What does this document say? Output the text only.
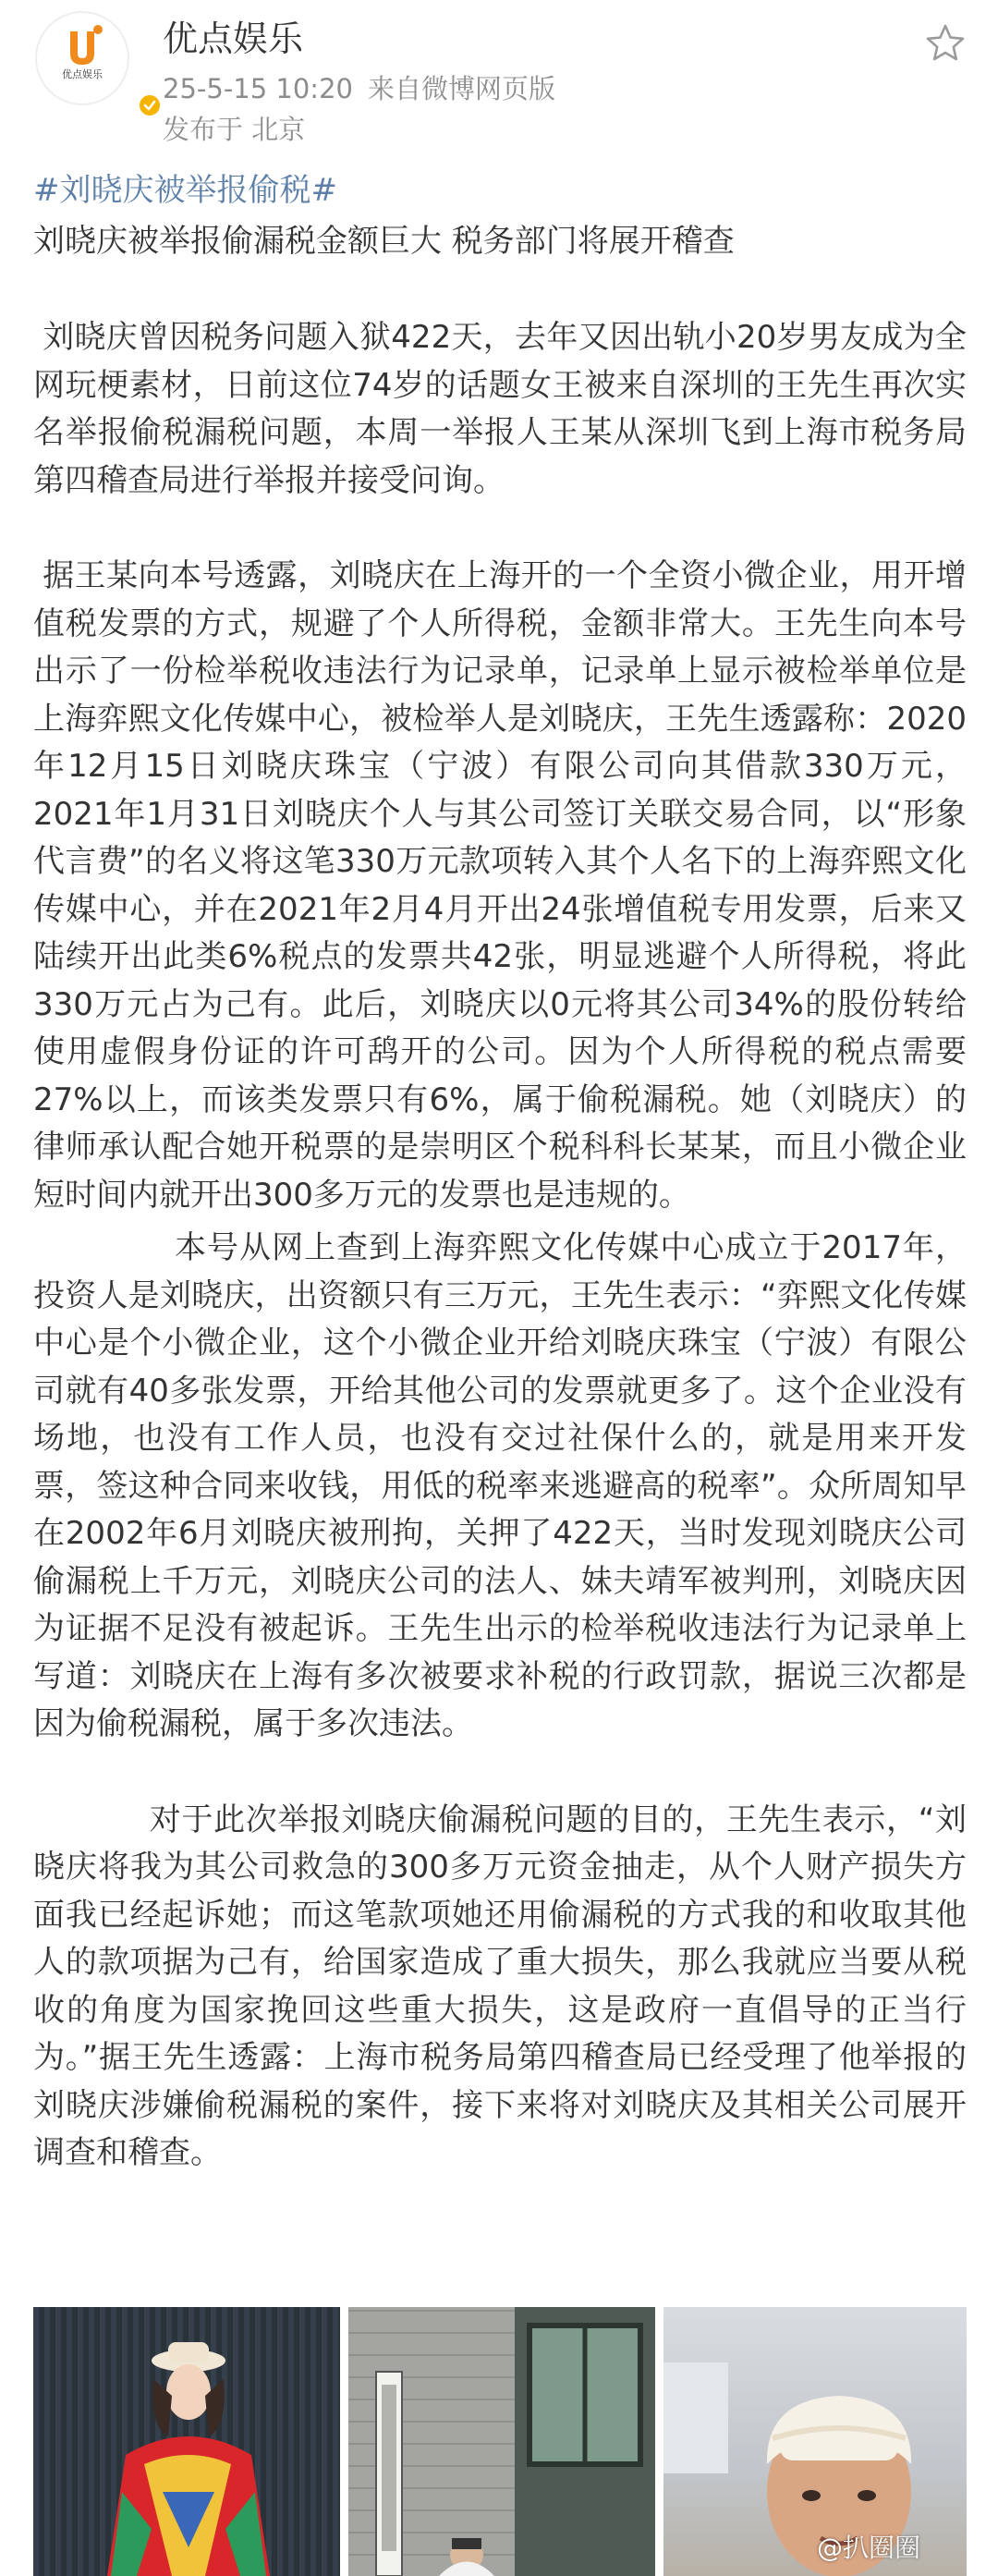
优点娱乐
优点娱乐
25-5-15 10:20 来自微博网页版
发布于 北京
#刘晓庆被举报偷税#
刘晓庆被举报偷漏税金额巨大 税务部门将展开稽查

刘晓庆曾因税务问题入狱422天，去年又因出轨小20岁男友成为全网玩梗素材，日前这位74岁的话题女王被来自深圳的王先生再次实名举报偷税漏税问题，本周一举报人王某从深圳飞到上海市税务局第四稽查局进行举报并接受问询。

据王某向本号透露，刘晓庆在上海开的一个全资小微企业，用开增值税发票的方式，规避了个人所得税，金额非常大。王先生向本号出示了一份检举税收违法行为记录单，记录单上显示被检举单位是上海弈熙文化传媒中心，被检举人是刘晓庆，王先生透露称：2020年12月15日刘晓庆珠宝（宁波）有限公司向其借款330万元，2021年1月31日刘晓庆个人与其公司签订关联交易合同，以“形象代言费”的名义将这笔330万元款项转入其个人名下的上海弈熙文化传媒中心，并在2021年2月4月开出24张增值税专用发票，后来又陆续开出此类6%税点的发票共42张，明显逃避个人所得税，将此330万元占为己有。此后，刘晓庆以0元将其公司34%的股份转给使用虚假身份证的许可鸹开的公司。因为个人所得税的税点需要27%以上，而该类发票只有6%，属于偷税漏税。她（刘晓庆）的律师承认配合她开税票的是崇明区个税科科长某某，而且小微企业短时间内就开出300多万元的发票也是违规的。

本号从网上查到上海弈熙文化传媒中心成立于2017年，投资人是刘晓庆，出资额只有三万元，王先生表示：“弈熙文化传媒中心是个小微企业，这个小微企业开给刘晓庆珠宝（宁波）有限公司就有40多张发票，开给其他公司的发票就更多了。这个企业没有场地，也没有工作人员，也没有交过社保什么的，就是用来开发票，签这种合同来收钱，用低的税率来逃避高的税率”。众所周知早在2002年6月刘晓庆被刑拘，关押了422天，当时发现刘晓庆公司偷漏税上千万元，刘晓庆公司的法人、妹夫靖军被判刑，刘晓庆因为证据不足没有被起诉。王先生出示的检举税收违法行为记录单上写道：刘晓庆在上海有多次被要求补税的行政罚款，据说三次都是因为偷税漏税，属于多次违法。

对于此次举报刘晓庆偷漏税问题的目的，王先生表示，“刘晓庆将我为其公司救急的300多万元资金抽走，从个人财产损失方面我已经起诉她；而这笔款项她还用偷漏税的方式我的和收取其他人的款项据为己有，给国家造成了重大损失，那么我就应当要从税收的角度为国家挽回这些重大损失，这是政府一直倡导的正当行为。”据王先生透露：上海市税务局第四稽查局已经受理了他举报的刘晓庆涉嫌偷税漏税的案件，接下来将对刘晓庆及其相关公司展开调查和稽查。

@扒圈圈
